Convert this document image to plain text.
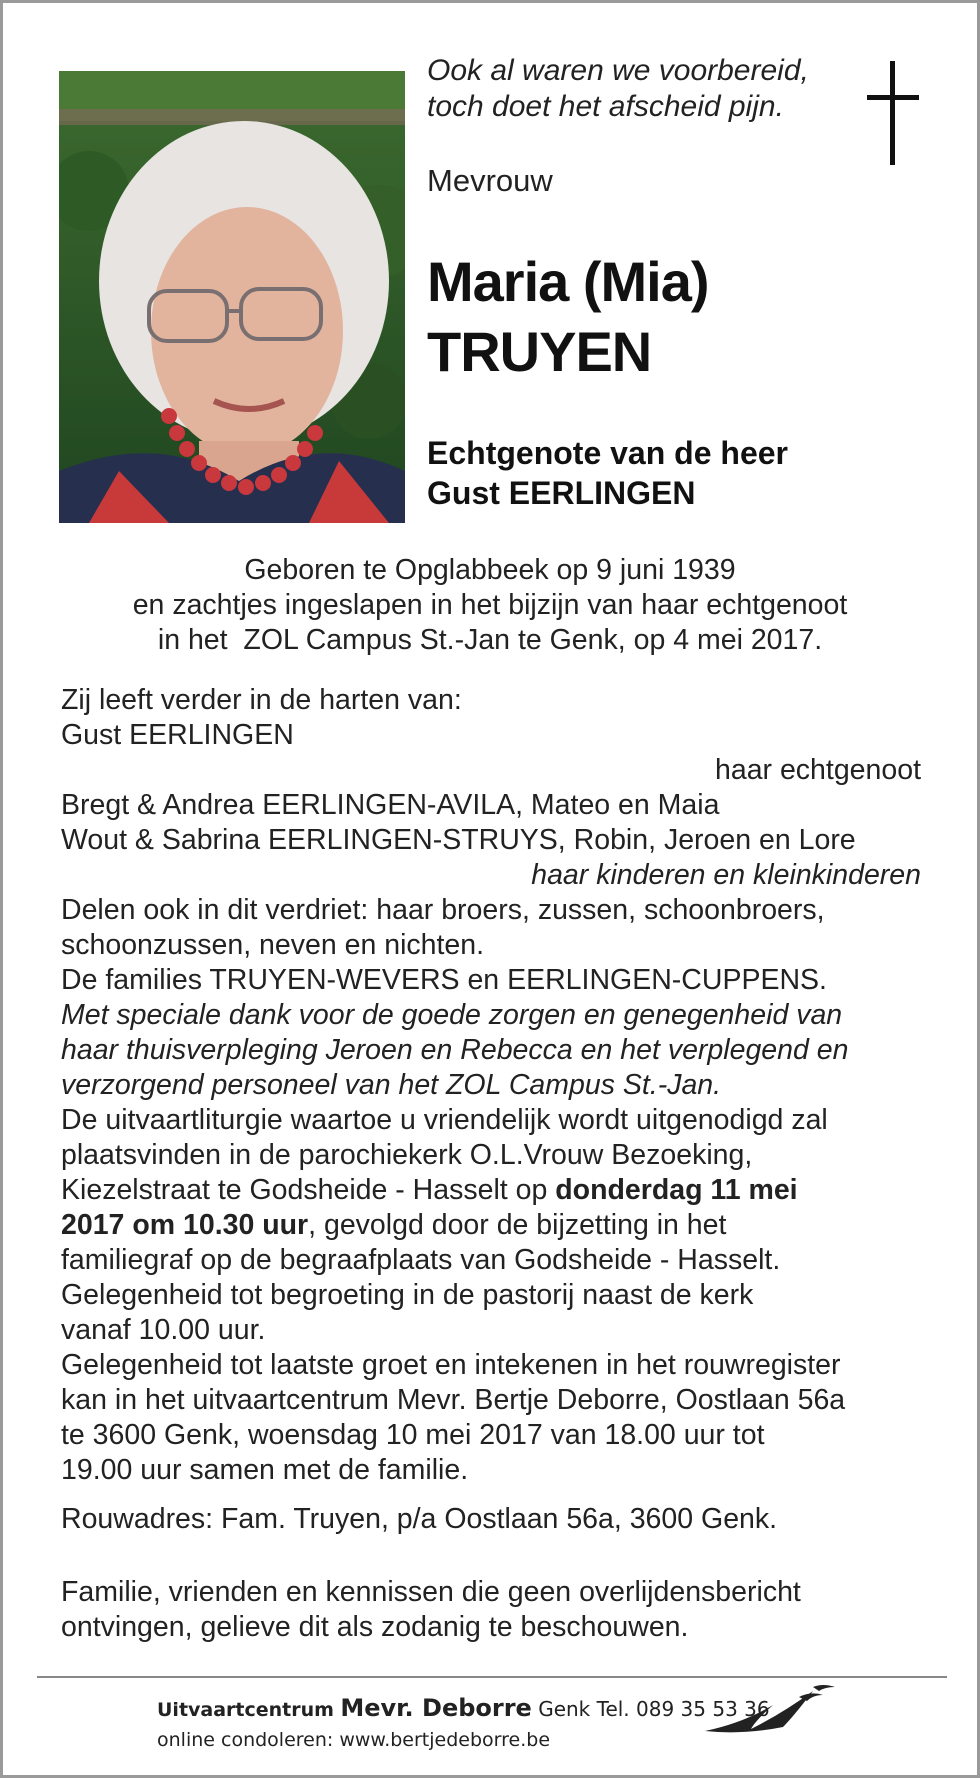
Ook al waren we voorbereid,
toch doet het afscheid pijn.
Mevrouw
Maria (Mia)
TRUYEN
Echtgenote van de heer
Gust EERLINGEN
Geboren te Opglabbeek op 9 juni 1939
en zachtjes ingeslapen in het bijzijn van haar echtgenoot
in het  ZOL Campus St.-Jan te Genk, op 4 mei 2017.

Zij leeft verder in de harten van:

Gust EERLINGEN

haar echtgenoot

Bregt & Andrea EERLINGEN-AVILA, Mateo en Maia

Wout & Sabrina EERLINGEN-STRUYS, Robin, Jeroen en Lore

haar kinderen en kleinkinderen

Delen ook in dit verdriet: haar broers, zussen, schoonbroers,

schoonzussen, neven en nichten.

De families TRUYEN-WEVERS en EERLINGEN-CUPPENS.

Met speciale dank voor de goede zorgen en genegenheid van

haar thuisverpleging Jeroen en Rebecca en het verplegend en

verzorgend personeel van het ZOL Campus St.-Jan.

De uitvaartliturgie waartoe u vriendelijk wordt uitgenodigd zal

plaatsvinden in de parochiekerk O.L.Vrouw Bezoeking,

Kiezelstraat te Godsheide - Hasselt op donderdag 11 mei

2017 om 10.30 uur, gevolgd door de bijzetting in het

familiegraf op de begraafplaats van Godsheide - Hasselt.

Gelegenheid tot begroeting in de pastorij naast de kerk

vanaf 10.00 uur.

Gelegenheid tot laatste groet en intekenen in het rouwregister

kan in het uitvaartcentrum Mevr. Bertje Deborre, Oostlaan 56a

te 3600 Genk, woensdag 10 mei 2017 van 18.00 uur tot

19.00 uur samen met de familie.

Rouwadres: Fam. Truyen, p/a Oostlaan 56a, 3600 Genk.

Familie, vrienden en kennissen die geen overlijdensbericht

ontvingen, gelieve dit als zodanig te beschouwen.

Uitvaartcentrum Mevr. Deborre Genk Tel. 089 35 53 36
online condoleren: www.bertjedeborre.be
